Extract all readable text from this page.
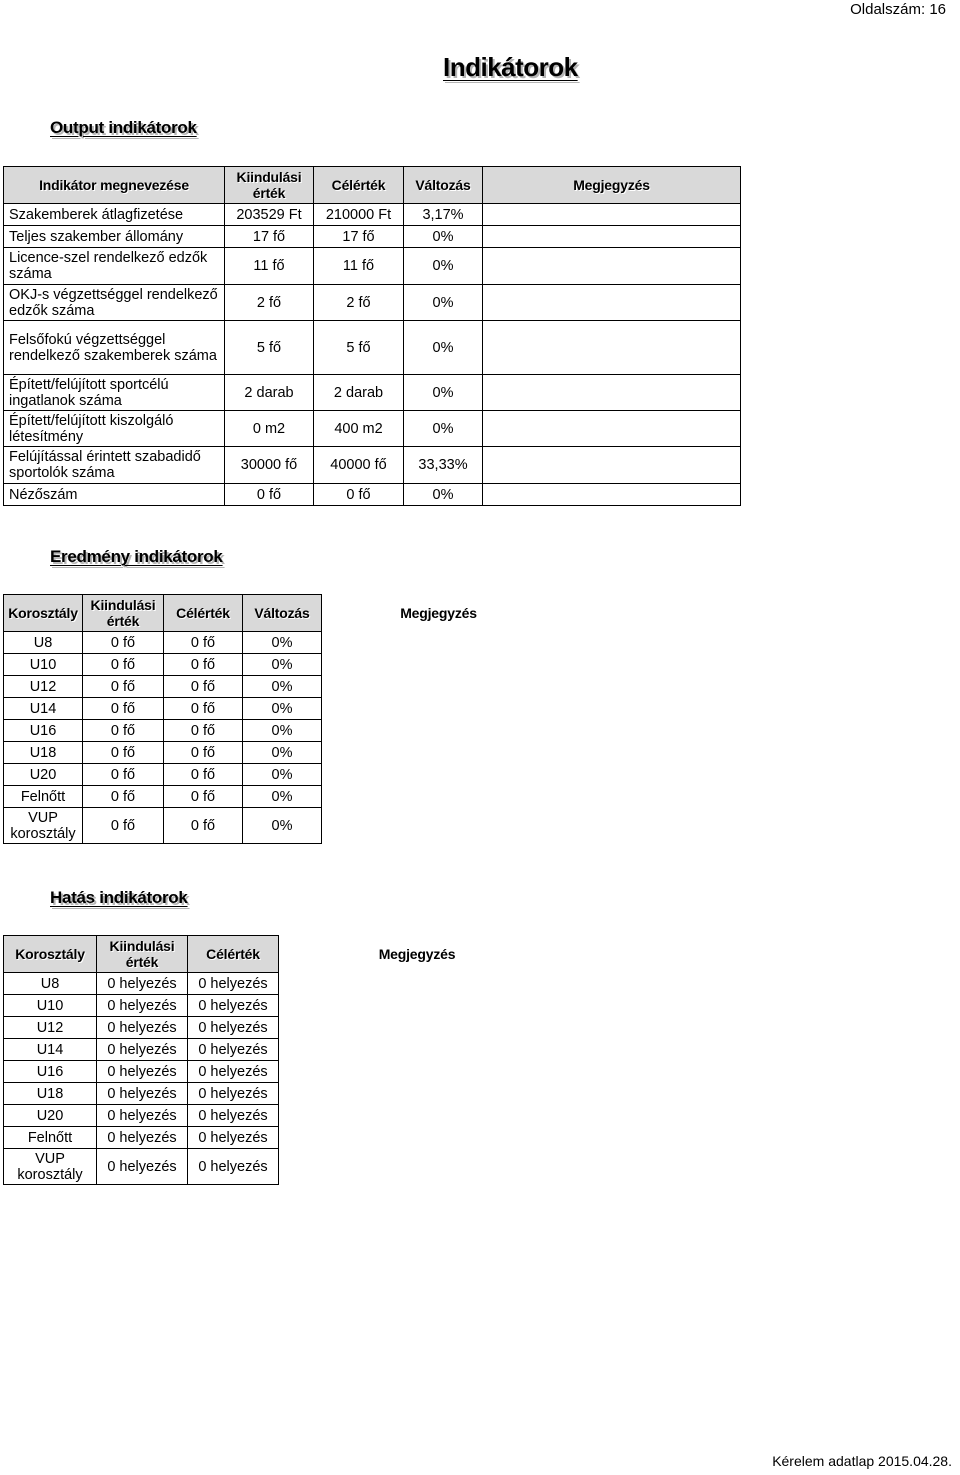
Oldalszám: 16
Indikátorok
Output indikátorok
Indikátor megnevezése	Kiindulási érték	Célérték	Változás	Megjegyzés
Szakemberek átlagfizetése	203529 Ft	210000 Ft	3,17%	
Teljes szakember állomány	17 fő	17 fő	0%	
Licence-szel rendelkező edzők száma	11 fő	11 fő	0%	
OKJ-s végzettséggel rendelkező edzők száma	2 fő	2 fő	0%	
Felsőfokú végzettséggel rendelkező szakemberek száma	5 fő	5 fő	0%	
Épített/felújított sportcélú ingatlanok száma	2 darab	2 darab	0%	
Épített/felújított kiszolgáló létesítmény	0 m2	400 m2	0%	
Felújítással érintett szabadidő sportolók száma	30000 fő	40000 fő	33,33%	
Nézőszám	0 fő	0 fő	0%	
Eredmény indikátorok
Korosztály	Kiindulási érték	Célérték	Változás	Megjegyzés
U8	0 fő	0 fő	0%	
U10	0 fő	0 fő	0%	
U12	0 fő	0 fő	0%	
U14	0 fő	0 fő	0%	
U16	0 fő	0 fő	0%	
U18	0 fő	0 fő	0%	
U20	0 fő	0 fő	0%	
Felnőtt	0 fő	0 fő	0%	
VUP korosztály	0 fő	0 fő	0%	
Hatás indikátorok
Korosztály	Kiindulási érték	Célérték	Megjegyzés
U8	0 helyezés	0 helyezés	
U10	0 helyezés	0 helyezés	
U12	0 helyezés	0 helyezés	
U14	0 helyezés	0 helyezés	
U16	0 helyezés	0 helyezés	
U18	0 helyezés	0 helyezés	
U20	0 helyezés	0 helyezés	
Felnőtt	0 helyezés	0 helyezés	
VUP korosztály	0 helyezés	0 helyezés	
Kérelem adatlap 2015.04.28.
